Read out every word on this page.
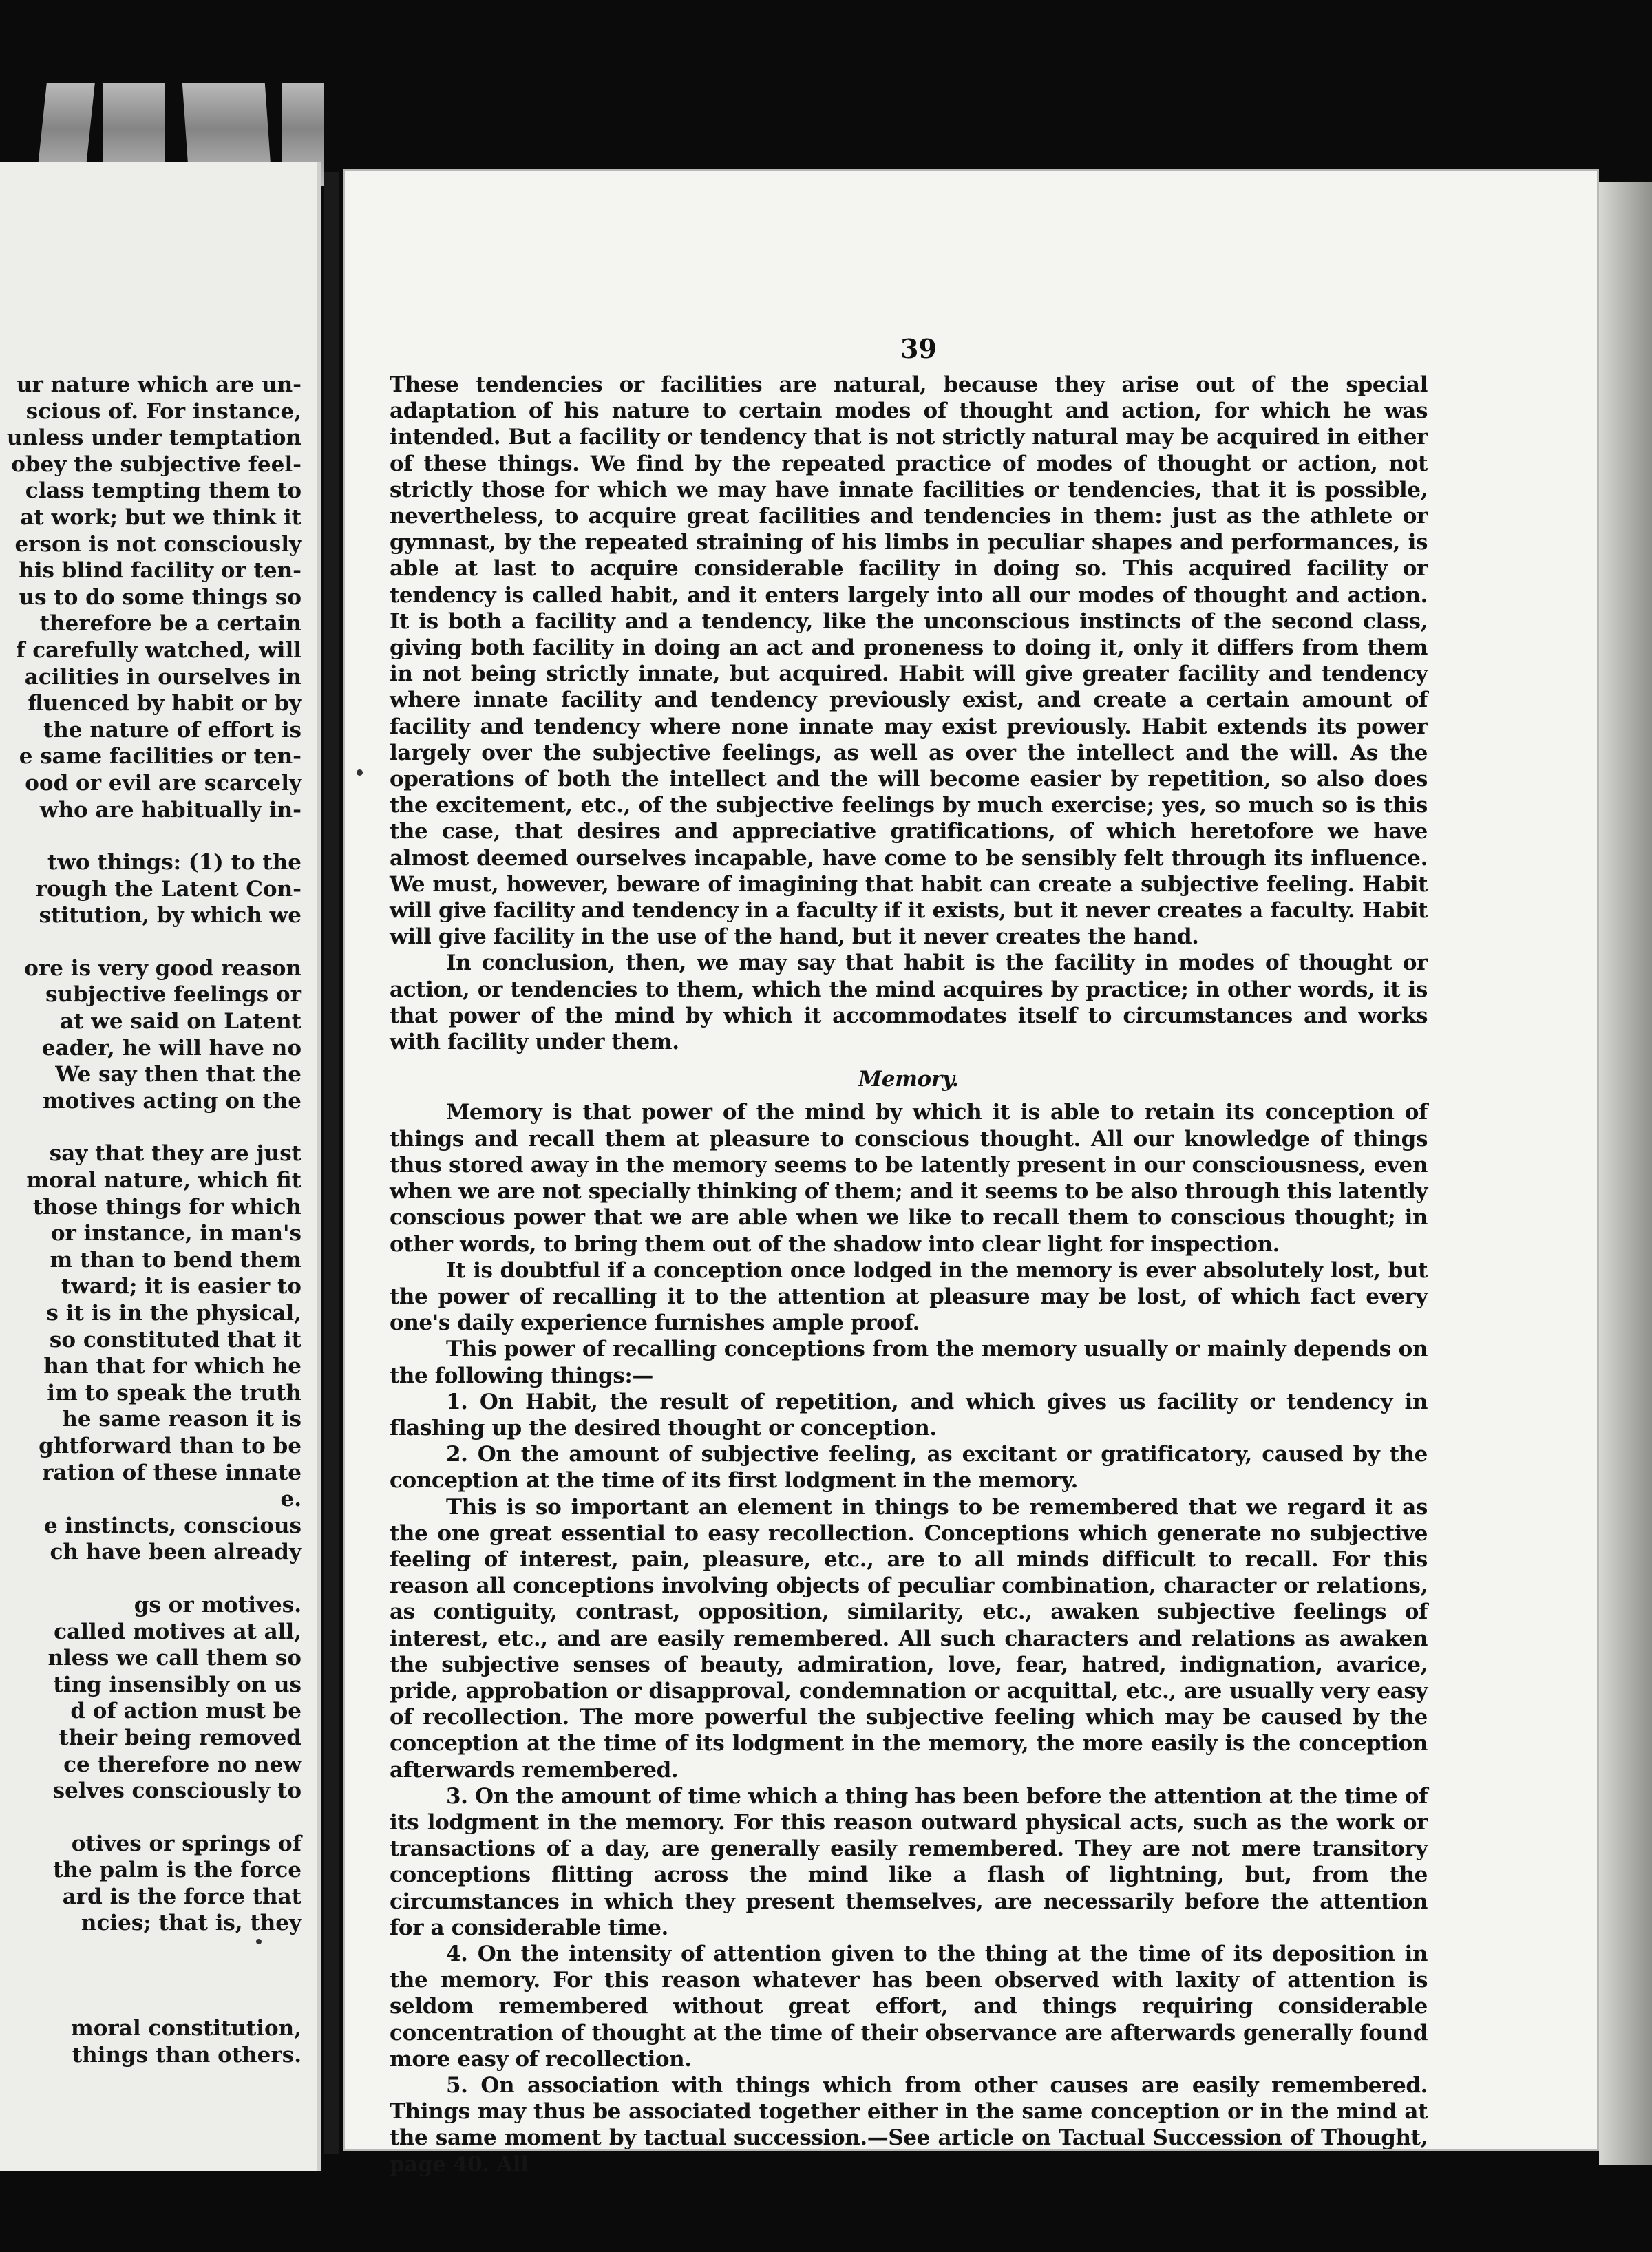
ur nature which are un-
scious of. For instance,
unless under temptation
obey the subjective feel-
class tempting them to
at work; but we think it
erson is not consciously
his blind facility or ten-
us to do some things so
therefore be a certain
f carefully watched, will
acilities in ourselves in
fluenced by habit or by
the nature of effort is
e same facilities or ten-
ood or evil are scarcely
who are habitually in-
two things: (1) to the
rough the Latent Con-
stitution, by which we
ore is very good reason
subjective feelings or
at we said on Latent
eader, he will have no
We say then that the
motives acting on the
say that they are just
moral nature, which fit
those things for which
or instance, in man's
m than to bend them
tward; it is easier to
s it is in the physical,
so constituted that it
han that for which he
im to speak the truth
he same reason it is
ghtforward than to be
ration of these innate
e.
e instincts, conscious
ch have been already
gs or motives.
called motives at all,
nless we call them so
ting insensibly on us
d of action must be
their being removed
ce therefore no new
selves consciously to
otives or springs of
the palm is the force
ard is the force that
ncies; that is, they
moral constitution,
things than others.
39

These tendencies or facilities are natural, because they arise out of the special adaptation of his nature to certain modes of thought and action, for which he was intended. But a facility or tendency that is not strictly natural may be acquired in either of these things. We find by the repeated practice of modes of thought or action, not strictly those for which we may have innate facilities or tendencies, that it is possible, nevertheless, to acquire great facilities and tendencies in them: just as the athlete or gymnast, by the repeated straining of his limbs in peculiar shapes and performances, is able at last to acquire considerable facility in doing so. This acquired facility or tendency is called habit, and it enters largely into all our modes of thought and action. It is both a facility and a tendency, like the unconscious instincts of the second class, giving both facility in doing an act and proneness to doing it, only it differs from them in not being strictly innate, but acquired. Habit will give greater facility and tendency where innate facility and tendency previously exist, and create a certain amount of facility and tendency where none innate may exist previously. Habit extends its power largely over the subjective feelings, as well as over the intellect and the will. As the operations of both the intellect and the will become easier by repetition, so also does the excitement, etc., of the subjective feelings by much exercise; yes, so much so is this the case, that desires and appreciative gratifications, of which heretofore we have almost deemed ourselves incapable, have come to be sensibly felt through its influence. We must, however, beware of imagining that habit can create a subjective feeling. Habit will give facility and tendency in a faculty if it exists, but it never creates a faculty. Habit will give facility in the use of the hand, but it never creates the hand.

In conclusion, then, we may say that habit is the facility in modes of thought or action, or tendencies to them, which the mind acquires by practice; in other words, it is that power of the mind by which it accommodates itself to circumstances and works with facility under them.

Memory.

Memory is that power of the mind by which it is able to retain its conception of things and recall them at pleasure to conscious thought. All our knowledge of things thus stored away in the memory seems to be latently present in our consciousness, even when we are not specially thinking of them; and it seems to be also through this latently conscious power that we are able when we like to recall them to conscious thought; in other words, to bring them out of the shadow into clear light for inspection.

It is doubtful if a conception once lodged in the memory is ever absolutely lost, but the power of recalling it to the attention at pleasure may be lost, of which fact every one's daily experience furnishes ample proof.

This power of recalling conceptions from the memory usually or mainly depends on the following things:—

1. On Habit, the result of repetition, and which gives us facility or tendency in flashing up the desired thought or conception.

2. On the amount of subjective feeling, as excitant or gratificatory, caused by the conception at the time of its first lodgment in the memory.

This is so important an element in things to be remembered that we regard it as the one great essential to easy recollection. Conceptions which generate no subjective feeling of interest, pain, pleasure, etc., are to all minds difficult to recall. For this reason all conceptions involving objects of peculiar combination, character or relations, as contiguity, contrast, opposition, similarity, etc., awaken subjective feelings of interest, etc., and are easily remembered. All such characters and relations as awaken the subjective senses of beauty, admiration, love, fear, hatred, indignation, avarice, pride, approbation or disapproval, condemnation or acquittal, etc., are usually very easy of recollection. The more powerful the subjective feeling which may be caused by the conception at the time of its lodgment in the memory, the more easily is the conception afterwards remembered.

3. On the amount of time which a thing has been before the attention at the time of its lodgment in the memory. For this reason outward physical acts, such as the work or transactions of a day, are generally easily remembered. They are not mere transitory conceptions flitting across the mind like a flash of lightning, but, from the circumstances in which they present themselves, are necessarily before the attention for a considerable time.

4. On the intensity of attention given to the thing at the time of its deposition in the memory. For this reason whatever has been observed with laxity of attention is seldom remembered without great effort, and things requiring considerable concentration of thought at the time of their observance are afterwards generally found more easy of recollection.

5. On association with things which from other causes are easily remembered. Things may thus be associated together either in the same conception or in the mind at the same moment by tactual succession.—See article on Tactual Succession of Thought, page 40. All
